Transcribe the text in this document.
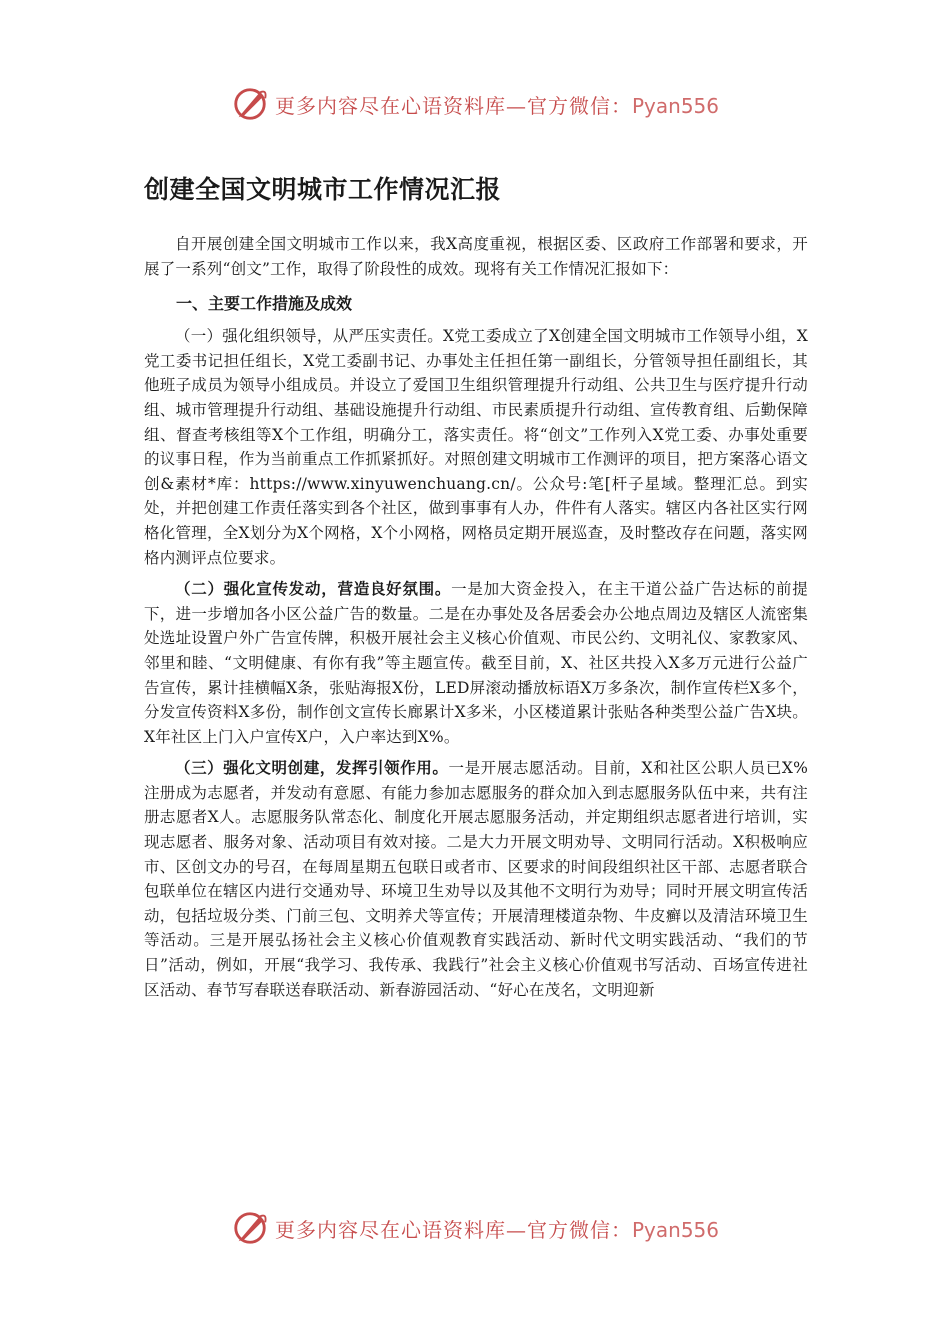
更多内容尽在心语资料库—官方微信：Pyan556
创建全国文明城市工作情况汇报

自开展创建全国文明城市工作以来，我X高度重视，根据区委、区政府工作部署和要求，开展了一系列“创文”工作，取得了阶段性的成效。现将有关工作情况汇报如下：

一、主要工作措施及成效

（一）强化组织领导，从严压实责任。X党工委成立了X创建全国文明城市工作领导小组，X党工委书记担任组长，X党工委副书记、办事处主任担任第一副组长，分管领导担任副组长，其他班子成员为领导小组成员。并设立了爱国卫生组织管理提升行动组、公共卫生与医疗提升行动组、城市管理提升行动组、基础设施提升行动组、市民素质提升行动组、宣传教育组、后勤保障组、督查考核组等X个工作组，明确分工，落实责任。将“创文”工作列入X党工委、办事处重要的议事日程，作为当前重点工作抓紧抓好。对照创建文明城市工作测评的项目，把方案落心语文创&素材*库：https://www.xinyuwenchuang.cn/。公众号:笔[杆子星域。整理汇总。到实处，并把创建工作责任落实到各个社区，做到事事有人办，件件有人落实。辖区内各社区实行网格化管理，全X划分为X个网格，X个小网格，网格员定期开展巡查，及时整改存在问题，落实网格内测评点位要求。

（二）强化宣传发动，营造良好氛围。一是加大资金投入，在主干道公益广告达标的前提下，进一步增加各小区公益广告的数量。二是在办事处及各居委会办公地点周边及辖区人流密集处选址设置户外广告宣传牌，积极开展社会主义核心价值观、市民公约、文明礼仪、家教家风、邻里和睦、“文明健康、有你有我”等主题宣传。截至目前，X、社区共投入X多万元进行公益广告宣传，累计挂横幅X条，张贴海报X份，LED屏滚动播放标语X万多条次，制作宣传栏X多个，分发宣传资料X多份，制作创文宣传长廊累计X多米，小区楼道累计张贴各种类型公益广告X块。X年社区上门入户宣传X户，入户率达到X%。

（三）强化文明创建，发挥引领作用。一是开展志愿活动。目前，X和社区公职人员已X%注册成为志愿者，并发动有意愿、有能力参加志愿服务的群众加入到志愿服务队伍中来，共有注册志愿者X人。志愿服务队常态化、制度化开展志愿服务活动，并定期组织志愿者进行培训，实现志愿者、服务对象、活动项目有效对接。二是大力开展文明劝导、文明同行活动。X积极响应市、区创文办的号召，在每周星期五包联日或者市、区要求的时间段组织社区干部、志愿者联合包联单位在辖区内进行交通劝导、环境卫生劝导以及其他不文明行为劝导；同时开展文明宣传活动，包括垃圾分类、门前三包、文明养犬等宣传；开展清理楼道杂物、牛皮癣以及清洁环境卫生等活动。三是开展弘扬社会主义核心价值观教育实践活动、新时代文明实践活动、“我们的节日”活动，例如，开展“我学习、我传承、我践行”社会主义核心价值观书写活动、百场宣传进社区活动、春节写春联送春联活动、新春游园活动、“好心在茂名，文明迎新

更多内容尽在心语资料库—官方微信：Pyan556
